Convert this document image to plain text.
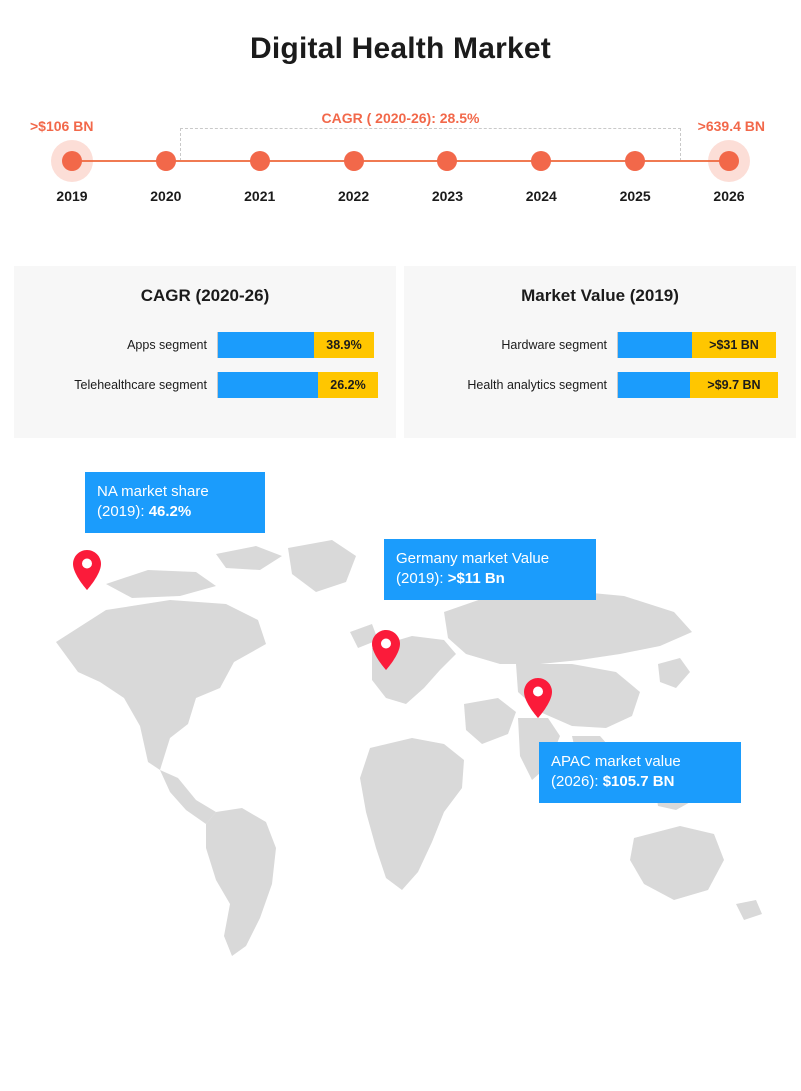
Digital Health Market
>$106 BN	>639.4 BN
CAGR ( 2020-26): 28.5%
2019	2020	2021	2022	2023	2024	2025	2026
CAGR (2020-26)
Apps segment	38.9%
Telehealthcare segment	26.2%
Market Value (2019)
Hardware segment	>$31 BN
Health analytics segment	>$9.7 BN
NA market share (2019): 46.2%
Germany market Value (2019): >$11 Bn
APAC market value (2026): $105.7 BN
